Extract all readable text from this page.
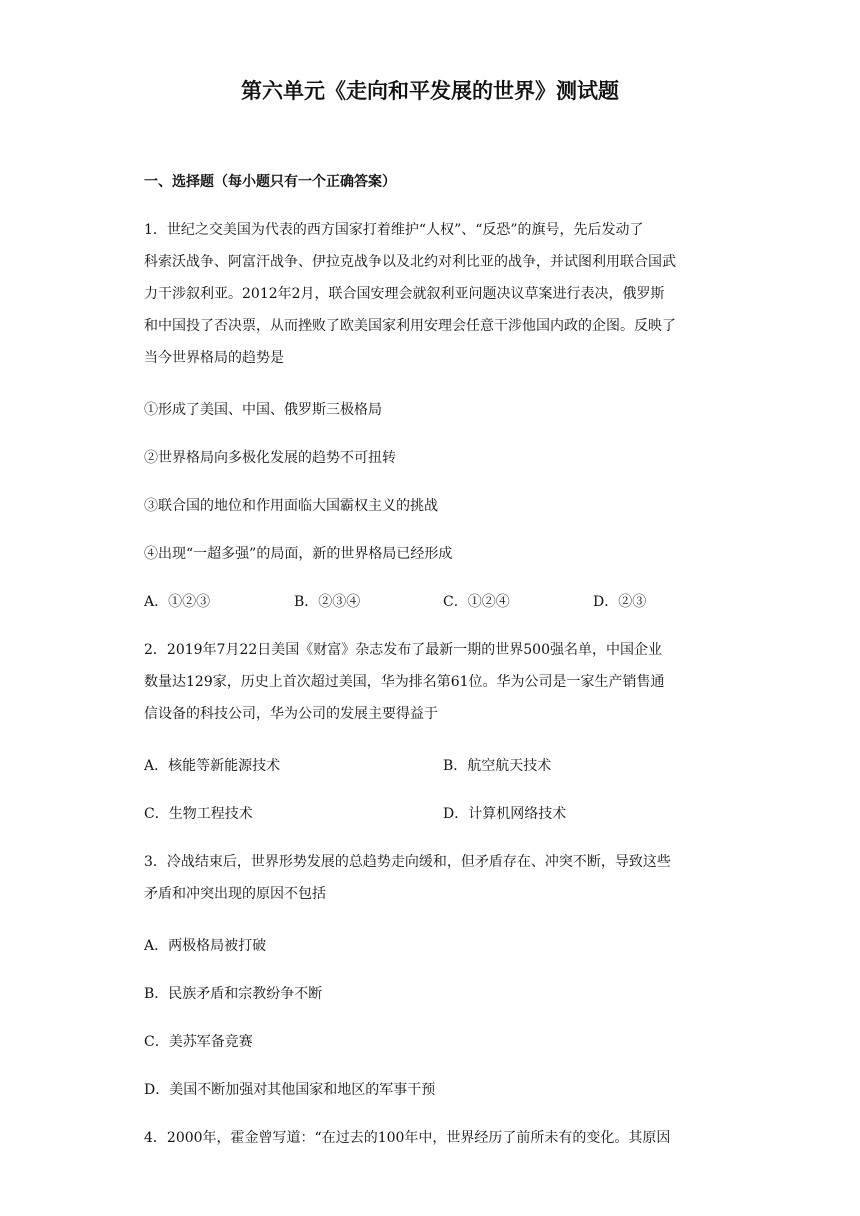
第六单元《走向和平发展的世界》测试题
一、选择题（每小题只有一个正确答案）
1．世纪之交美国为代表的西方国家打着维护“人权”、“反恐”的旗号，先后发动了
科索沃战争、阿富汗战争、伊拉克战争以及北约对利比亚的战争，并试图利用联合国武
力干涉叙利亚。2012年2月，联合国安理会就叙利亚问题决议草案进行表决，俄罗斯
和中国投了否决票，从而挫败了欧美国家利用安理会任意干涉他国内政的企图。反映了
当今世界格局的趋势是
①形成了美国、中国、俄罗斯三极格局
②世界格局向多极化发展的趋势不可扭转
③联合国的地位和作用面临大国霸权主义的挑战
④出现“一超多强”的局面，新的世界格局已经形成
A．①②③	B．②③④	C．①②④	D．②③
2．2019年7月22日美国《财富》杂志发布了最新一期的世界500强名单，中国企业
数量达129家，历史上首次超过美国，华为排名第61位。华为公司是一家生产销售通
信设备的科技公司，华为公司的发展主要得益于
A．核能等新能源技术	B．航空航天技术
C．生物工程技术	D．计算机网络技术
3．冷战结束后，世界形势发展的总趋势走向缓和，但矛盾存在、冲突不断，导致这些
矛盾和冲突出现的原因不包括
A．两极格局被打破
B．民族矛盾和宗教纷争不断
C．美苏军备竞赛
D．美国不断加强对其他国家和地区的军事干预
4．2000年，霍金曾写道：“在过去的100年中，世界经历了前所未有的变化。其原因
